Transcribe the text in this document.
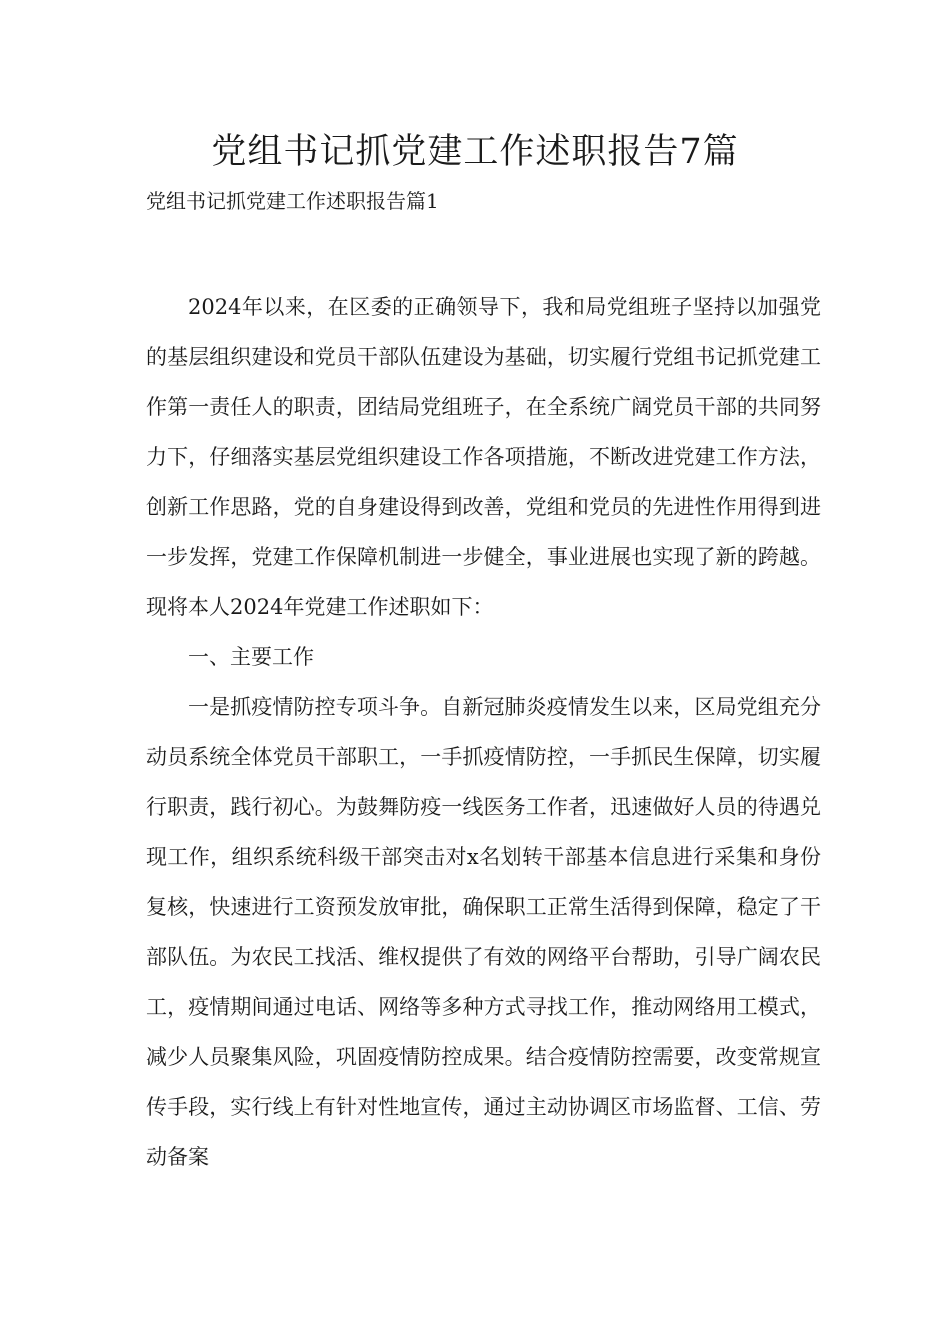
党组书记抓党建工作述职报告7篇

党组书记抓党建工作述职报告篇1

2024年以来，在区委的正确领导下，我和局党组班子坚持以加强党的基层组织建设和党员干部队伍建设为基础，切实履行党组书记抓党建工作第一责任人的职责，团结局党组班子，在全系统广阔党员干部的共同努力下，仔细落实基层党组织建设工作各项措施，不断改进党建工作方法，创新工作思路，党的自身建设得到改善，党组和党员的先进性作用得到进一步发挥，党建工作保障机制进一步健全，事业进展也实现了新的跨越。现将本人2024年党建工作述职如下：

一、主要工作

一是抓疫情防控专项斗争。自新冠肺炎疫情发生以来，区局党组充分动员系统全体党员干部职工，一手抓疫情防控，一手抓民生保障，切实履行职责，践行初心。为鼓舞防疫一线医务工作者，迅速做好人员的待遇兑现工作，组织系统科级干部突击对x名划转干部基本信息进行采集和身份复核，快速进行工资预发放审批，确保职工正常生活得到保障，稳定了干部队伍。为农民工找活、维权提供了有效的网络平台帮助，引导广阔农民工，疫情期间通过电话、网络等多种方式寻找工作，推动网络用工模式，减少人员聚集风险，巩固疫情防控成果。结合疫情防控需要，改变常规宣传手段，实行线上有针对性地宣传，通过主动协调区市场监督、工信、劳动备案
